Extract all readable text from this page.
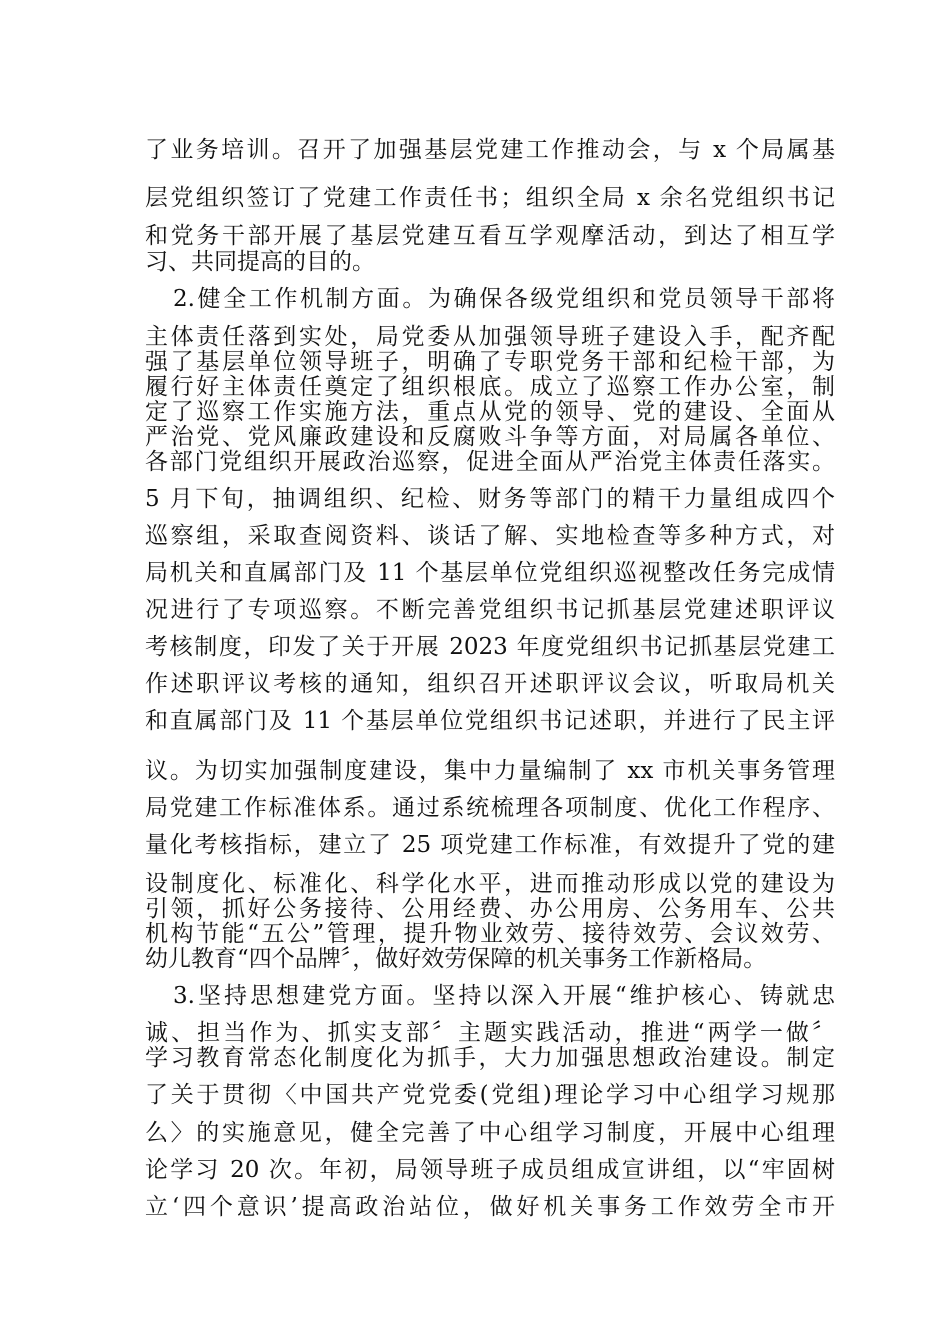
了业务培训。召开了加强基层党建工作推动会，与 x 个局属基
层党组织签订了党建工作责任书；组织全局 x 余名党组织书记
和党务干部开展了基层党建互看互学观摩活动，到达了相互学
习、共同提高的目的。
2.健全工作机制方面。为确保各级党组织和党员领导干部将
主体责任落到实处，局党委从加强领导班子建设入手，配齐配
强了基层单位领导班子，明确了专职党务干部和纪检干部，为
履行好主体责任奠定了组织根底。成立了巡察工作办公室，制
定了巡察工作实施方法，重点从党的领导、党的建设、全面从
严治党、党风廉政建设和反腐败斗争等方面，对局属各单位、
各部门党组织开展政治巡察，促进全面从严治党主体责任落实。
5 月下旬，抽调组织、纪检、财务等部门的精干力量组成四个
巡察组，采取查阅资料、谈话了解、实地检查等多种方式，对
局机关和直属部门及 11 个基层单位党组织巡视整改任务完成情
况进行了专项巡察。不断完善党组织书记抓基层党建述职评议
考核制度，印发了关于开展 2023 年度党组织书记抓基层党建工
作述职评议考核的通知，组织召开述职评议会议，听取局机关
和直属部门及 11 个基层单位党组织书记述职，并进行了民主评
议。为切实加强制度建设，集中力量编制了 xx 市机关事务管理
局党建工作标准体系。通过系统梳理各项制度、优化工作程序、
量化考核指标，建立了 25 项党建工作标准，有效提升了党的建
设制度化、标准化、科学化水平，进而推动形成以党的建设为
引领，抓好公务接待、公用经费、办公用房、公务用车、公共
机构节能“五公”管理，提升物业效劳、接待效劳、会议效劳、
幼儿教育“四个品牌〞，做好效劳保障的机关事务工作新格局。
3.坚持思想建党方面。坚持以深入开展“维护核心、铸就忠
诚、担当作为、抓实支部〞主题实践活动，推进“两学一做〞
学习教育常态化制度化为抓手，大力加强思想政治建设。制定
了关于贯彻〈中国共产党党委(党组)理论学习中心组学习规那
么〉的实施意见，健全完善了中心组学习制度，开展中心组理
论学习 20 次。年初，局领导班子成员组成宣讲组，以“牢固树
立‘四个意识’提高政治站位，做好机关事务工作效劳全市开
